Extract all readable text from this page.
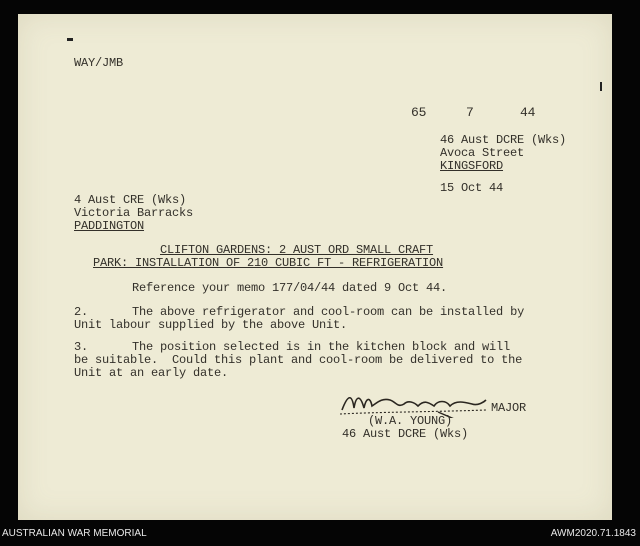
WAY/JMB
65	7	44
46 Aust DCRE (Wks)
Avoca Street
KINGSFORD
15 Oct 44
4 Aust CRE (Wks)
Victoria Barracks
PADDINGTON
CLIFTON GARDENS: 2 AUST ORD SMALL CRAFT
PARK: INSTALLATION OF 210 CUBIC FT - REFRIGERATION
Reference your memo 177/04/44 dated 9 Oct 44.
2.	The above refrigerator and cool-room can be installed by
Unit labour supplied by the above Unit.
3.	The position selected is in the kitchen block and will
be suitable.  Could this plant and cool-room be delivered to the
Unit at an early date.
MAJOR
(W.A. YOUNG)
46 Aust DCRE (Wks)
AUSTRALIAN WAR MEMORIAL	AWM2020.71.1843
